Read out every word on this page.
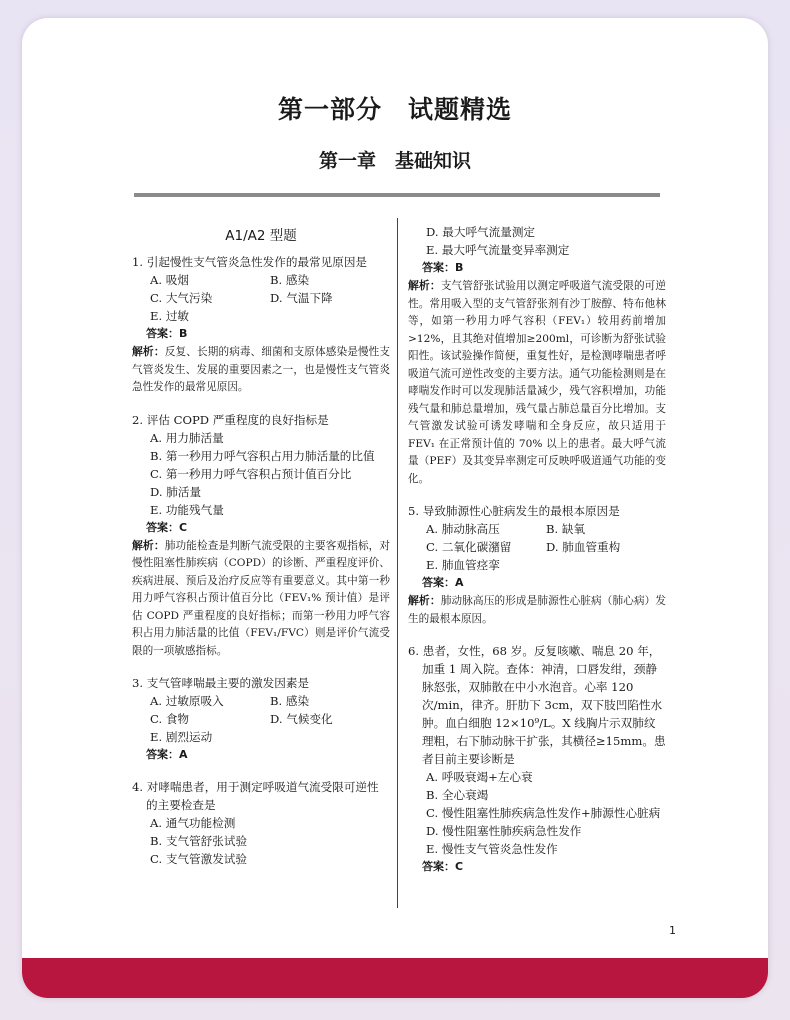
第一部分　试题精选
第一章　基础知识
A1/A2 型题
1. 引起慢性支气管炎急性发作的最常见原因是
A. 吸烟	B. 感染
C. 大气污染	D. 气温下降
E. 过敏
答案：B
解析：反复、长期的病毒、细菌和支原体感染是慢性支气管炎发生、发展的重要因素之一，也是慢性支气管炎急性发作的最常见原因。
2. 评估 COPD 严重程度的良好指标是
A. 用力肺活量
B. 第一秒用力呼气容积占用力肺活量的比值
C. 第一秒用力呼气容积占预计值百分比
D. 肺活量
E. 功能残气量
答案：C
解析：肺功能检查是判断气流受限的主要客观指标，对慢性阻塞性肺疾病（COPD）的诊断、严重程度评价、疾病进展、预后及治疗反应等有重要意义。其中第一秒用力呼气容积占预计值百分比（FEV₁% 预计值）是评估 COPD 严重程度的良好指标；而第一秒用力呼气容积占用力肺活量的比值（FEV₁/FVC）则是评价气流受限的一项敏感指标。
3. 支气管哮喘最主要的激发因素是
A. 过敏原吸入	B. 感染
C. 食物	D. 气候变化
E. 剧烈运动
答案：A
4. 对哮喘患者，用于测定呼吸道气流受限可逆性的主要检查是
A. 通气功能检测
B. 支气管舒张试验
C. 支气管激发试验
D. 最大呼气流量测定
E. 最大呼气流量变异率测定
答案：B
解析：支气管舒张试验用以测定呼吸道气流受限的可逆性。常用吸入型的支气管舒张剂有沙丁胺醇、特布他林等，如第一秒用力呼气容积（FEV₁）较用药前增加>12%，且其绝对值增加≥200ml，可诊断为舒张试验阳性。该试验操作简便，重复性好，是检测哮喘患者呼吸道气流可逆性改变的主要方法。通气功能检测则是在哮喘发作时可以发现肺活量减少，残气容积增加，功能残气量和肺总量增加，残气量占肺总量百分比增加。支气管激发试验可诱发哮喘和全身反应，故只适用于 FEV₁ 在正常预计值的 70% 以上的患者。最大呼气流量（PEF）及其变异率测定可反映呼吸道通气功能的变化。
5. 导致肺源性心脏病发生的最根本原因是
A. 肺动脉高压	B. 缺氧
C. 二氧化碳潴留	D. 肺血管重构
E. 肺血管痉挛
答案：A
解析：肺动脉高压的形成是肺源性心脏病（肺心病）发生的最根本原因。
6. 患者，女性，68 岁。反复咳嗽、喘息 20 年，加重 1 周入院。查体：神清，口唇发绀，颈静脉怒张，双肺散在中小水泡音。心率 120 次/min，律齐。肝肋下 3cm，双下肢凹陷性水肿。血白细胞 12×10⁹/L。X 线胸片示双肺纹理粗，右下肺动脉干扩张，其横径≥15mm。患者目前主要诊断是
A. 呼吸衰竭+左心衰
B. 全心衰竭
C. 慢性阻塞性肺疾病急性发作+肺源性心脏病
D. 慢性阻塞性肺疾病急性发作
E. 慢性支气管炎急性发作
答案：C
1
